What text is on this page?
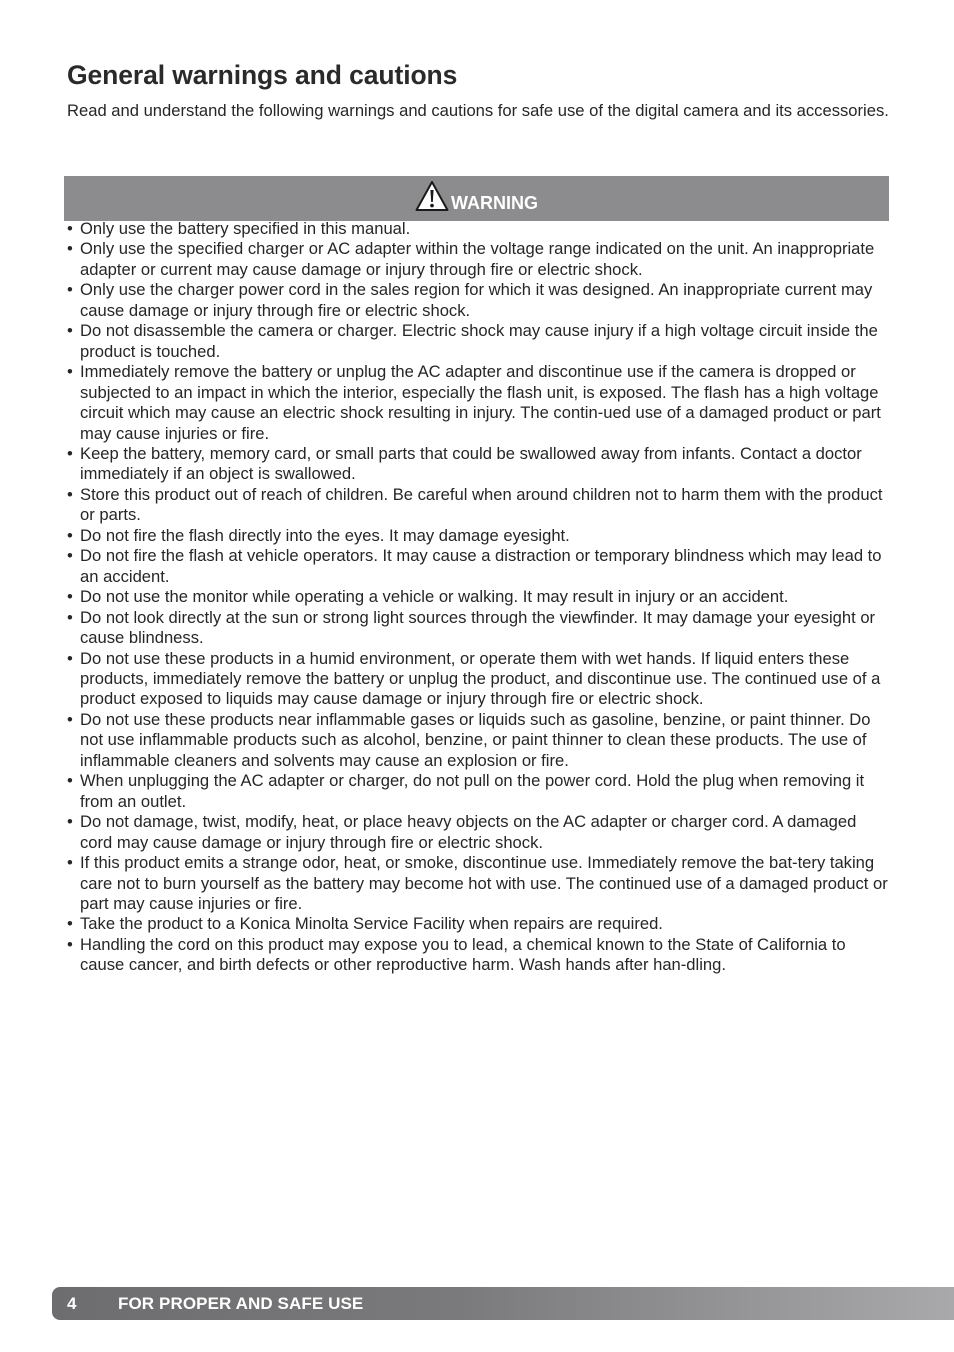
General warnings and cautions

Read and understand the following warnings and cautions for safe use of the digital camera and its accessories.

WARNING
• Only use the battery specified in this manual.
• Only use the specified charger or AC adapter within the voltage range indicated on the unit. An inappropriate adapter or current may cause damage or injury through fire or electric shock.
• Only use the charger power cord in the sales region for which it was designed. An inappropriate current may cause damage or injury through fire or electric shock.
• Do not disassemble the camera or charger. Electric shock may cause injury if a high voltage circuit inside the product is touched.
• Immediately remove the battery or unplug the AC adapter and discontinue use if the camera is dropped or subjected to an impact in which the interior, especially the flash unit, is exposed. The flash has a high voltage circuit which may cause an electric shock resulting in injury. The contin-ued use of a damaged product or part may cause injuries or fire.
• Keep the battery, memory card, or small parts that could be swallowed away from infants. Contact a doctor immediately if an object is swallowed.
• Store this product out of reach of children. Be careful when around children not to harm them with the product or parts.
• Do not fire the flash directly into the eyes. It may damage eyesight.
• Do not fire the flash at vehicle operators. It may cause a distraction or temporary blindness which may lead to an accident.
• Do not use the monitor while operating a vehicle or walking. It may result in injury or an accident.
• Do not look directly at the sun or strong light sources through the viewfinder. It may damage your eyesight or cause blindness.
• Do not use these products in a humid environment, or operate them with wet hands. If liquid enters these products, immediately remove the battery or unplug the product, and discontinue use. The continued use of a product exposed to liquids may cause damage or injury through fire or electric shock.
• Do not use these products near inflammable gases or liquids such as gasoline, benzine, or paint thinner. Do not use inflammable products such as alcohol, benzine, or paint thinner to clean these products. The use of inflammable cleaners and solvents may cause an explosion or fire.
• When unplugging the AC adapter or charger, do not pull on the power cord. Hold the plug when removing it from an outlet.
• Do not damage, twist, modify, heat, or place heavy objects on the AC adapter or charger cord. A damaged cord may cause damage or injury through fire or electric shock.
• If this product emits a strange odor, heat, or smoke, discontinue use. Immediately remove the bat-tery taking care not to burn yourself as the battery may become hot with use. The continued use of a damaged product or part may cause injuries or fire.
• Take the product to a Konica Minolta Service Facility when repairs are required.
• Handling the cord on this product may expose you to lead, a chemical known to the State of California to cause cancer, and birth defects or other reproductive harm. Wash hands after han-dling.
4 FOR PROPER AND SAFE USE
